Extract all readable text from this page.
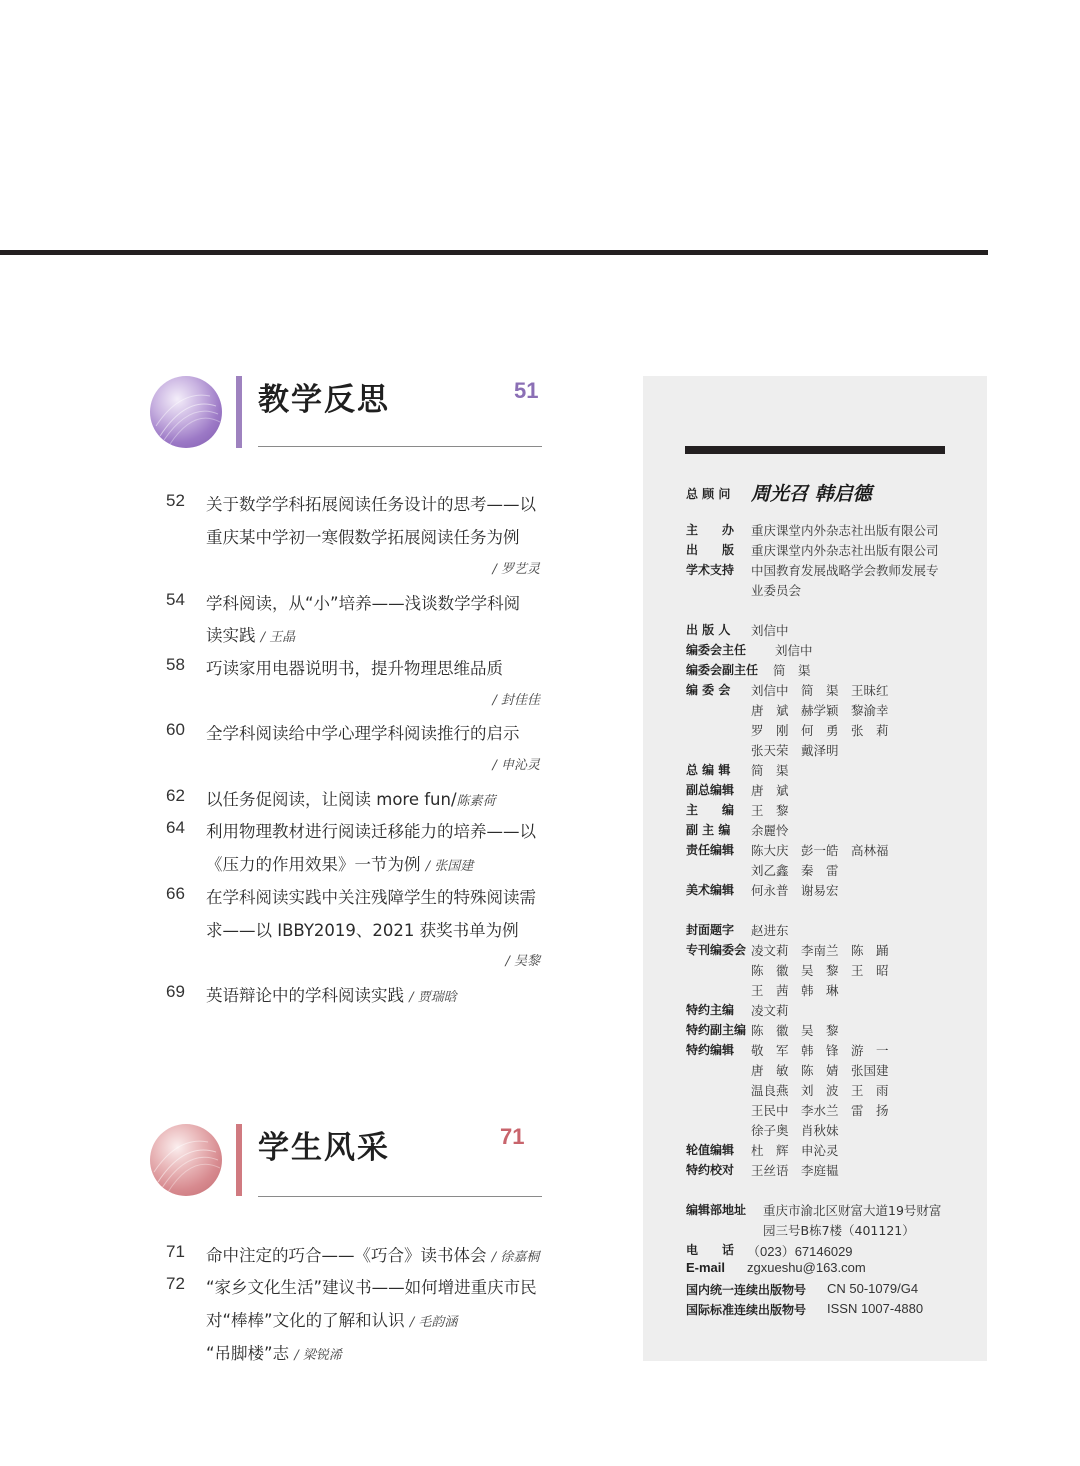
教学反思	51
52 关于数学学科拓展阅读任务设计的思考——以
重庆某中学初一寒假数学拓展阅读任务为例
/ 罗艺灵
54 学科阅读，从“小”培养——浅谈数学学科阅
读实践 / 王晶
58 巧读家用电器说明书，提升物理思维品质
/ 封佳佳
60 全学科阅读给中学心理学科阅读推行的启示
/ 申沁灵
62 以任务促阅读，让阅读 more fun/陈素荷
64 利用物理教材进行阅读迁移能力的培养——以
《压力的作用效果》一节为例 / 张国建
66 在学科阅读实践中关注残障学生的特殊阅读需
求——以 IBBY2019、2021 获奖书单为例
/ 吴黎
69 英语辩论中的学科阅读实践 / 贾瑞晗
学生风采	71
71 命中注定的巧合——《巧合》读书体会 / 徐嘉桐
72 “家乡文化生活”建议书——如何增进重庆市民
对“棒棒”文化的了解和认识 / 毛韵涵
“吊脚楼”志 / 梁锐浠
总 顾 问 周光召 韩启德
主　　办 重庆课堂内外杂志社出版有限公司
出　　版 重庆课堂内外杂志社出版有限公司
学术支持 中国教育发展战略学会教师发展专
业委员会
出 版 人 刘信中
编委会主任 刘信中
编委会副主任 简　渠
编 委 会 刘信中　简　渠　王昧红
唐　斌　赫学颖　黎渝幸
罗　刚　何　勇　张　莉
张天荣　戴泽明
总 编 辑 简　渠
副总编辑 唐　斌
主　　编 王　黎
副 主 编 余麗怜
责任编辑 陈大庆　彭一皓　高林福
刘乙鑫　秦　雷
美术编辑 何永普　谢易宏
封面题字 赵进东
专刊编委会 凌文莉　李南兰　陈　踊
陈　徽　吴　黎　王　昭
王　茜　韩　琳
特约主编 凌文莉
特约副主编 陈　徽　吴　黎
特约编辑 敬　军　韩　锋　游　一
唐　敏　陈　婧　张国建
温良燕　刘　波　王　雨
王民中　李水兰　雷　扬
徐子奥　肖秋妹
轮值编辑 杜　辉　申沁灵
特约校对 王丝语　李庭韫
编辑部地址 重庆市渝北区财富大道19号财富
园三号B栋7楼（401121）
电　　话 （023）67146029
E-mail zgxueshu@163.com
国内统一连续出版物号 CN 50-1079/G4
国际标准连续出版物号 ISSN 1007-4880
